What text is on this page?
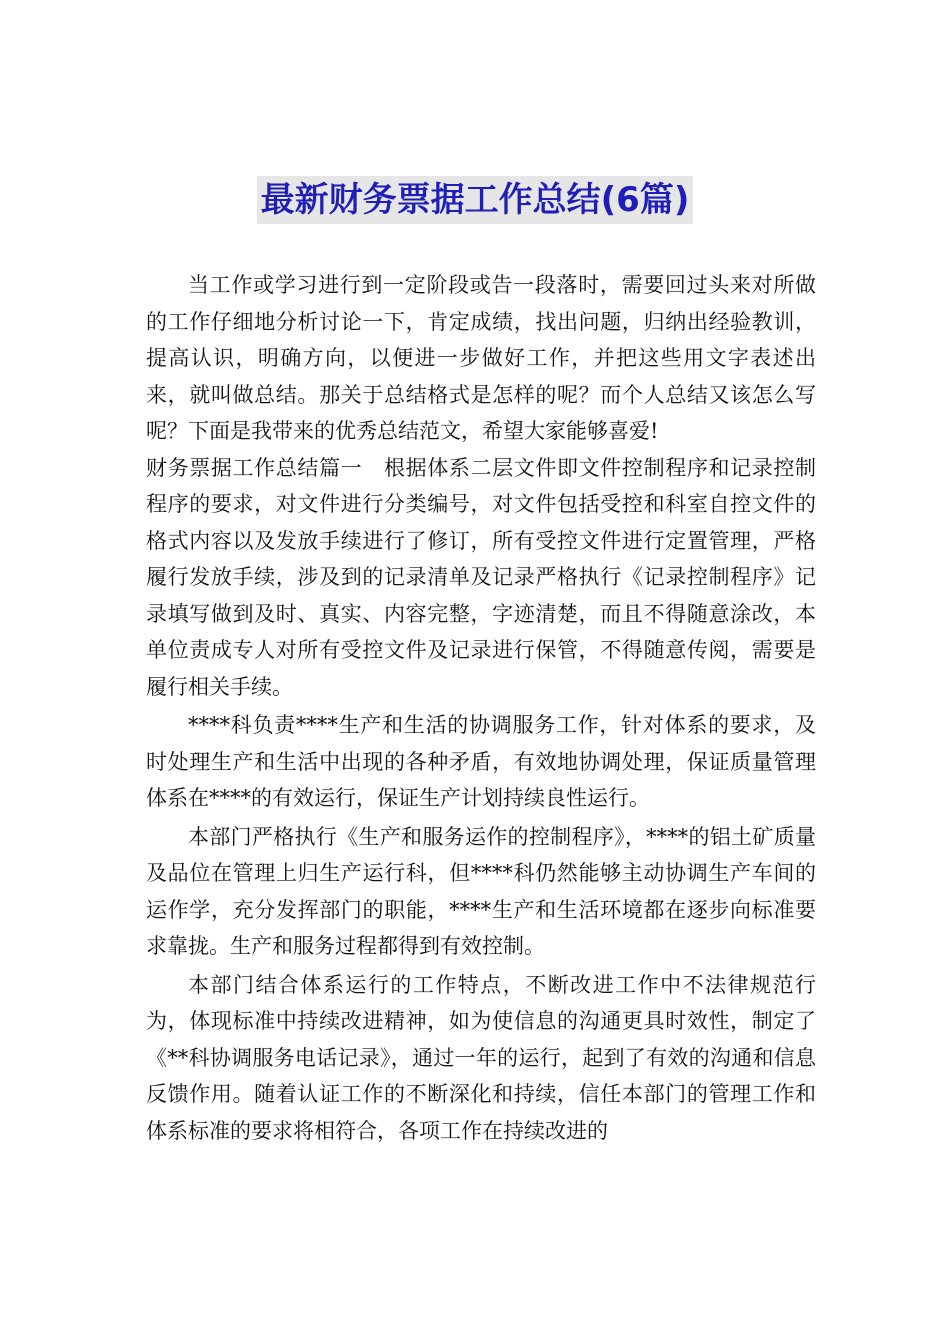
最新财务票据工作总结(6篇)

当工作或学习进行到一定阶段或告一段落时，需要回过头来对所做的工作仔细地分析讨论一下，肯定成绩，找出问题，归纳出经验教训，提高认识，明确方向，以便进一步做好工作，并把这些用文字表述出来，就叫做总结。那关于总结格式是怎样的呢？而个人总结又该怎么写呢？下面是我带来的优秀总结范文，希望大家能够喜爱!

财务票据工作总结篇一　根据体系二层文件即文件控制程序和记录控制程序的要求，对文件进行分类编号，对文件包括受控和科室自控文件的格式内容以及发放手续进行了修订，所有受控文件进行定置管理，严格履行发放手续，涉及到的记录清单及记录严格执行《记录控制程序》记录填写做到及时、真实、内容完整，字迹清楚，而且不得随意涂改，本单位责成专人对所有受控文件及记录进行保管，不得随意传阅，需要是履行相关手续。

****科负责****生产和生活的协调服务工作，针对体系的要求，及时处理生产和生活中出现的各种矛盾，有效地协调处理，保证质量管理体系在****的有效运行，保证生产计划持续良性运行。

本部门严格执行《生产和服务运作的控制程序》，****的铝土矿质量及品位在管理上归生产运行科，但****科仍然能够主动协调生产车间的运作学，充分发挥部门的职能，****生产和生活环境都在逐步向标准要求靠拢。生产和服务过程都得到有效控制。

本部门结合体系运行的工作特点，不断改进工作中不法律规范行为，体现标准中持续改进精神，如为使信息的沟通更具时效性，制定了《**科协调服务电话记录》，通过一年的运行，起到了有效的沟通和信息反馈作用。随着认证工作的不断深化和持续，信任本部门的管理工作和体系标准的要求将相符合，各项工作在持续改进的
